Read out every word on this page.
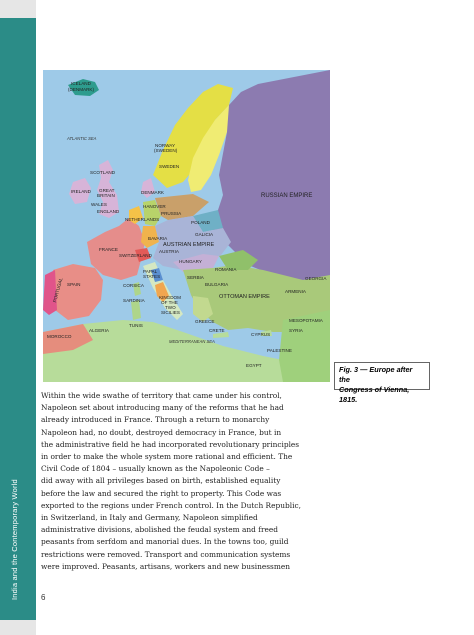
India and the Contemporary World
ICELAND
(DENMARK)
ATLANTIC SEA
NORWAY
(SWEDEN)
SWEDEN
SCOTLAND
IRELAND GREAT
BRITAIN
WALES
ENGLAND
DENMARK
NETHERLANDS
HANOVER
PRUSSIA
RUSSIAN EMPIRE
POLAND
GALICIA
BAVARIA
AUSTRIAN EMPIRE
AUSTRIA
FRANCE
SWITZERLAND
HUNGARY
PAPAL
STATES
ROMANIA
PORTUGAL SPAIN	CORSICA
SERBIA
BULGARIA
GEORGIA
ARMENIA
OTTOMAN EMPIRE
SARDINIA
KINGDOM
OF THE
TWO
SICILIES
GREECE	MESOPOTAMIA
MOROCCO
ALGERIA
TUNIS
CRETE
CYPRUS
SYRIA
MEDITERRANEAN SEA
PALESTINE
EGYPT	Fig. 3 — Europe after the
Congress of Vienna, 1815.
Within the wide swathe of territory that came under his control,
Napoleon set about introducing many of the reforms that he had
already introduced in France. Through a return to monarchy
Napoleon had, no doubt, destroyed democracy in France, but in
the administrative field he had incorporated revolutionary principles
in order to make the whole system more rational and efficient. The
Civil Code of 1804 – usually known as the Napoleonic Code –
did away with all privileges based on birth, established equality
before the law and secured the right to property. This Code was
exported to the regions under French control. In the Dutch Republic,
in Switzerland, in Italy and Germany, Napoleon simplified
administrative divisions, abolished the feudal system and freed
peasants from serfdom and manorial dues. In the towns too, guild
restrictions were removed. Transport and communication systems
were improved. Peasants, artisans, workers and new businessmen
6
